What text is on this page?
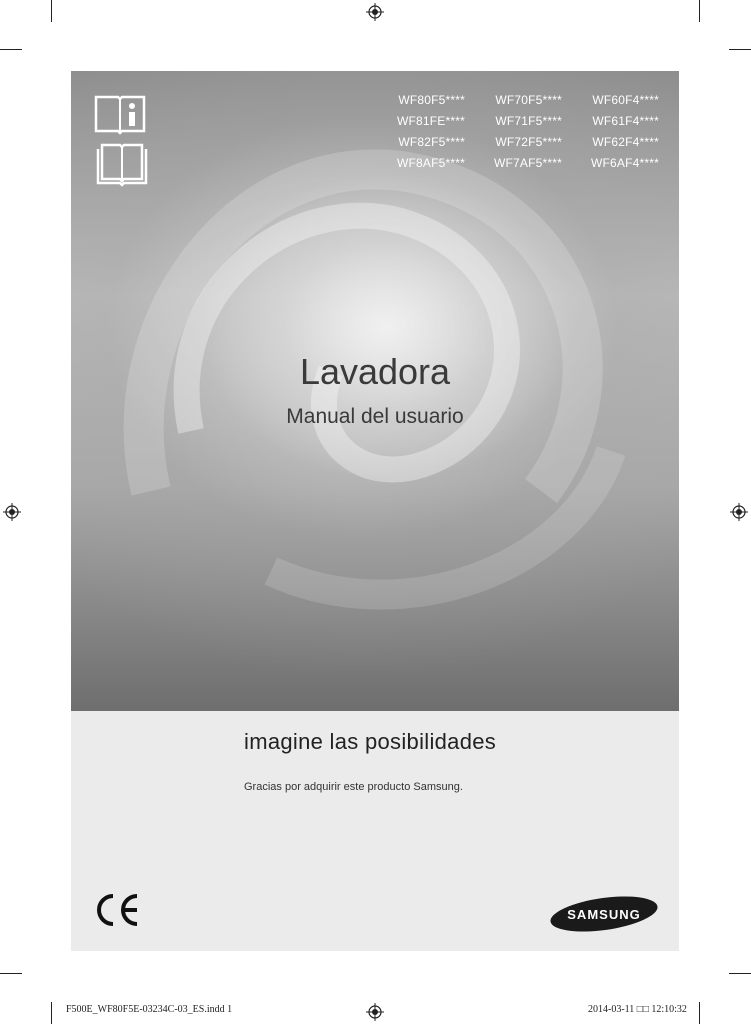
WF80F5****	WF70F5****	WF60F4****
WF81FE****	WF71F5****	WF61F4****
WF82F5****	WF72F5****	WF62F4****
WF8AF5****	WF7AF5****	WF6AF4****
Lavadora
Manual del usuario
imagine las posibilidades
Gracias por adquirir este producto Samsung.
SAMSUNG
F500E_WF80F5E-03234C-03_ES.indd 1	2014-03-11 □□ 12:10:32
